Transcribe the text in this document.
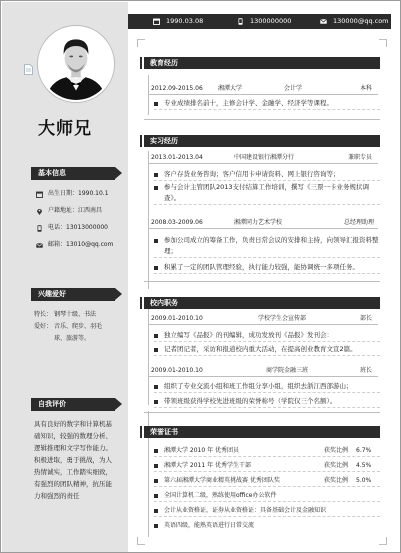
大师兄
基本信息
出生日期：1990.10.1
户籍地址：江西南昌
电话：13013000000
邮箱：13010@qq.com
兴趣爱好
特长： 钢琴十级、书法
爱好： 音乐、爬步、羽毛
球、旅游等。
自我评价
具有良好的数字和计算机基础知识，较强的数理分析、逻辑推理和文字写作能力。积极进取，勇于挑战，为人热情诚实，工作踏实细致，有强烈的团队精神，抗压能力和强烈的责任
1990.03.08	1300000000	130000@qq.com
教育经历
2012.09-2015.06	湘潭大学	会计学	本科
专业成绩排名前十，主修会计学、金融学、经济学等课程。
实习经历
2013.01-2013.04	中国建设银行湘潭分行	兼职专员
客户存货业务咨询；客户信用卡申请资料、网上银行咨询等；
参与会计主管团队2013支付结算工作培训，撰写《三票一卡业务规状调查》。
2008.03-2009.06	湘潭同力艺术学校	总经理助理
参加公司成立的筹备工作，负责日常会议的安排和主持，向领导汇报资料整理；
积累了一定的团队管理经验，执行能力较强，能协调统一多项任务。
校内职务
2009.01-2010.10	学校学生会宣传部	部长
独立编写《品报》的刊编辑，成功发放刊《品报》发刊会：
记者团记者，采访和报道校内重大活动，在提高创业教育文宣2篇。
2009.01-2010.10	商学院金融三班	班长
组织了专业交流小组和班工作组分享小组，组织去浙江西部游山；
带领班级获得学校先进班级的荣誉称号（学院仅三个名额）。
荣誉证书
湘潭大学 2010 年 优秀团员	获奖比例 6.7%
湘潭大学 2011 年 优秀学生干部	获奖比例 4.5%
第六届湘潭大学商业精英挑战赛 优秀团队奖	获奖比例 5.0%
全国计算机二级，熟练使用office办公软件
会计从业资格证，证券从业资格证：具备基础会计及金融知识
英语四级，能熟英语进行日常交流
